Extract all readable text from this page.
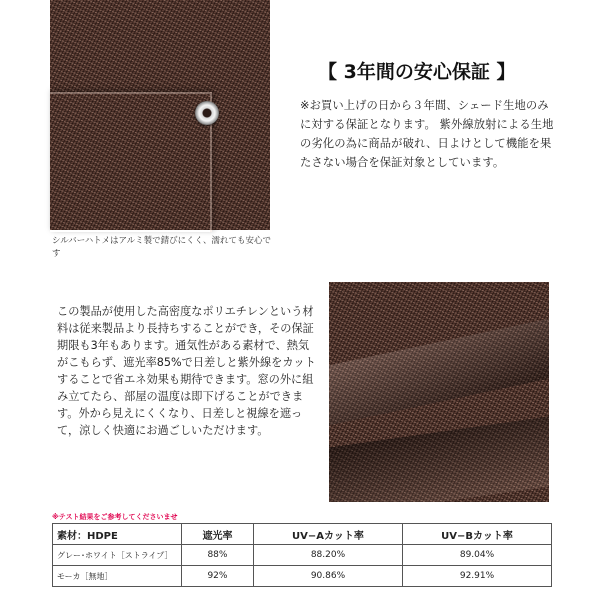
シルバーハトメはアルミ製で錆びにくく、濡れても安心です
【 3年間の安心保証 】
※お買い上げの日から３年間、シェード生地のみに対する保証となります。 紫外線放射による生地の劣化の為に商品が破れ、日よけとして機能を果たさない場合を保証対象としています。
この製品が使用した高密度なポリエチレンという材料は従来製品より長持ちすることができ，その保証期限も3年もあります。通気性がある素材で、熱気がこもらず、遮光率85%で日差しと紫外線をカットすることで省エネ効果も期待できます。窓の外に組み立てたら、部屋の温度は即下げることができます。外から見えにくくなり、日差しと視線を遮って，涼しく快適にお過ごしいただけます。
※テスト結果をご参考してくださいませ
素材：HDPE	遮光率	UV−Aカット率	UV−Bカット率
グレー･ホワイト［ストライプ］	88%	88.20%	89.04%
モーカ［無地］	92%	90.86%	92.91%
